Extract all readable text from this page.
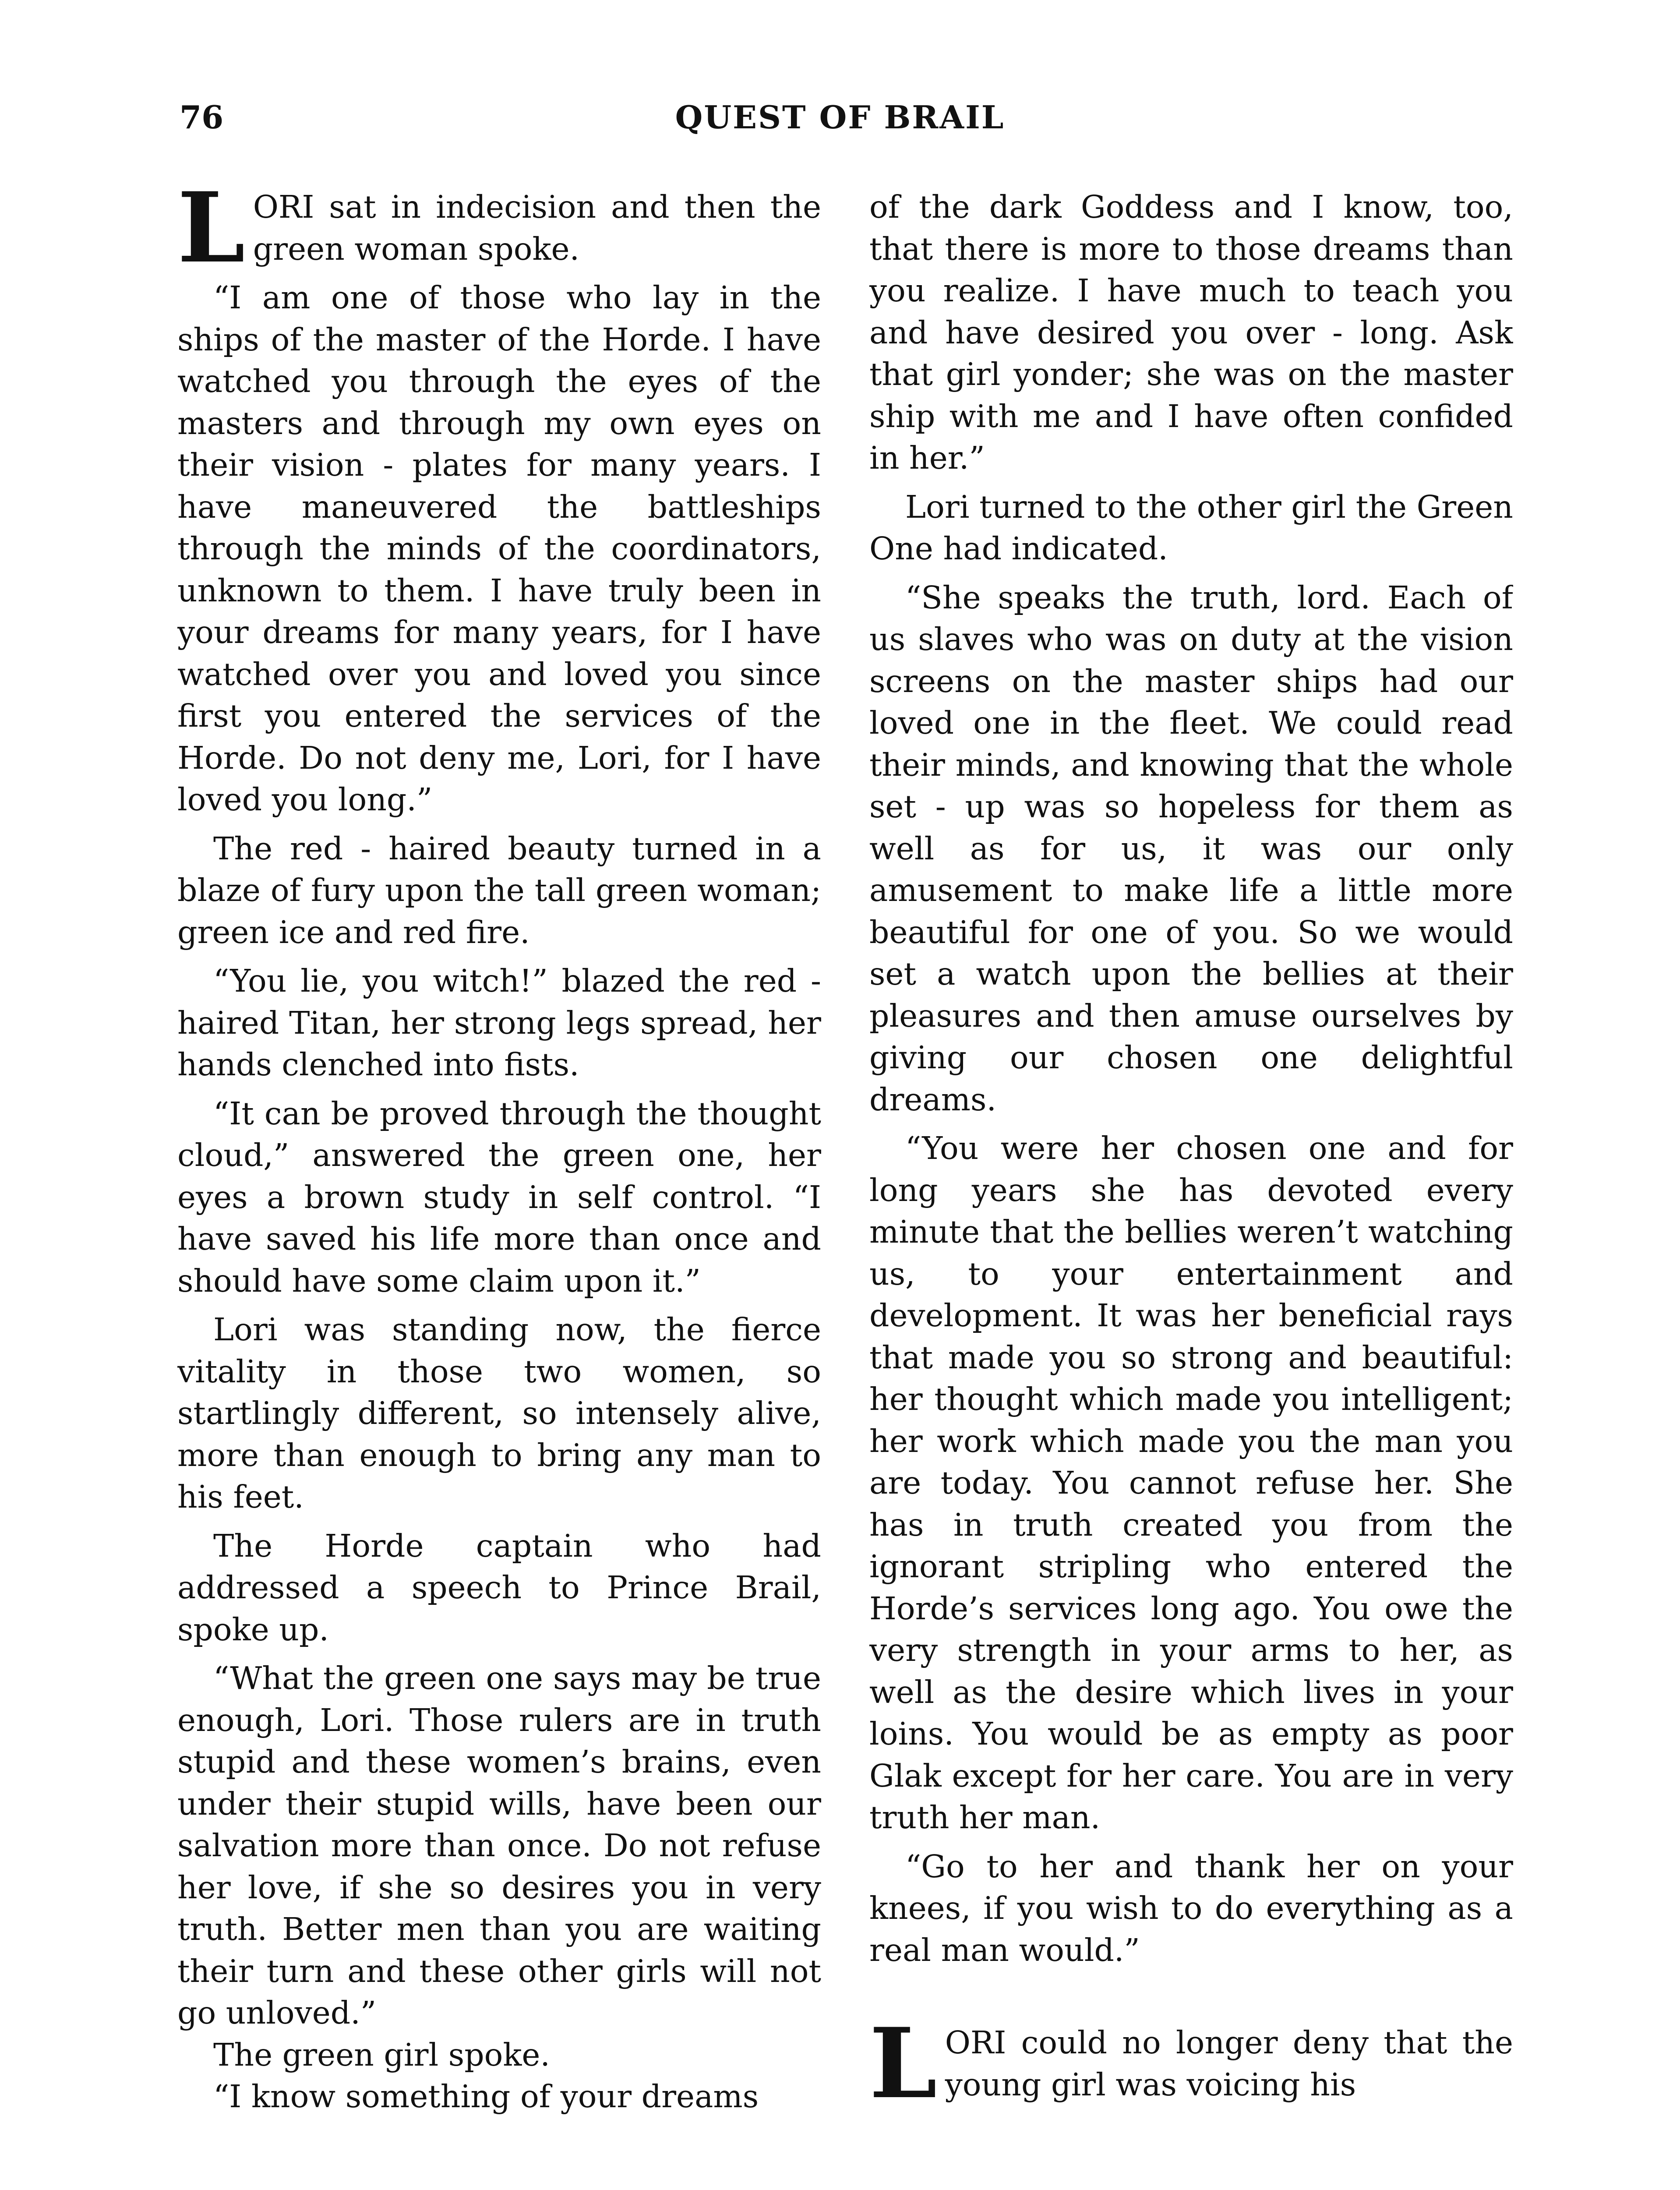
76	QUEST OF BRAIL

LORI sat in indecision and then the green woman spoke.

“I am one of those who lay in the ships of the master of the Horde. I have watched you through the eyes of the masters and through my own eyes on their vision - plates for many years. I have maneuvered the battleships through the minds of the coordinators, unknown to them. I have truly been in your dreams for many years, for I have watched over you and loved you since first you entered the services of the Horde. Do not deny me, Lori, for I have loved you long.”

The red - haired beauty turned in a blaze of fury upon the tall green woman; green ice and red fire.

“You lie, you witch!” blazed the red - haired Titan, her strong legs spread, her hands clenched into fists.

“It can be proved through the thought cloud,” answered the green one, her eyes a brown study in self control. “I have saved his life more than once and should have some claim upon it.”

Lori was standing now, the fierce vitality in those two women, so startlingly different, so intensely alive, more than enough to bring any man to his feet.

The Horde captain who had addressed a speech to Prince Brail, spoke up.

“What the green one says may be true enough, Lori. Those rulers are in truth stupid and these women’s brains, even under their stupid wills, have been our salvation more than once. Do not refuse her love, if she so desires you in very truth. Better men than you are waiting their turn and these other girls will not go unloved.”

The green girl spoke.

“I know something of your dreams

of the dark Goddess and I know, too, that there is more to those dreams than you realize. I have much to teach you and have desired you over - long. Ask that girl yonder; she was on the master ship with me and I have often confided in her.”

Lori turned to the other girl the Green One had indicated.

“She speaks the truth, lord. Each of us slaves who was on duty at the vision screens on the master ships had our loved one in the fleet. We could read their minds, and knowing that the whole set - up was so hopeless for them as well as for us, it was our only amusement to make life a little more beautiful for one of you. So we would set a watch upon the bellies at their pleasures and then amuse ourselves by giving our chosen one delightful dreams.

“You were her chosen one and for long years she has devoted every minute that the bellies weren’t watching us, to your entertainment and development. It was her beneficial rays that made you so strong and beautiful: her thought which made you intelligent; her work which made you the man you are today. You cannot refuse her. She has in truth created you from the ignorant stripling who entered the Horde’s services long ago. You owe the very strength in your arms to her, as well as the desire which lives in your loins. You would be as empty as poor Glak except for her care. You are in very truth her man.

“Go to her and thank her on your knees, if you wish to do everything as a real man would.”

LORI could no longer deny that the young girl was voicing his
